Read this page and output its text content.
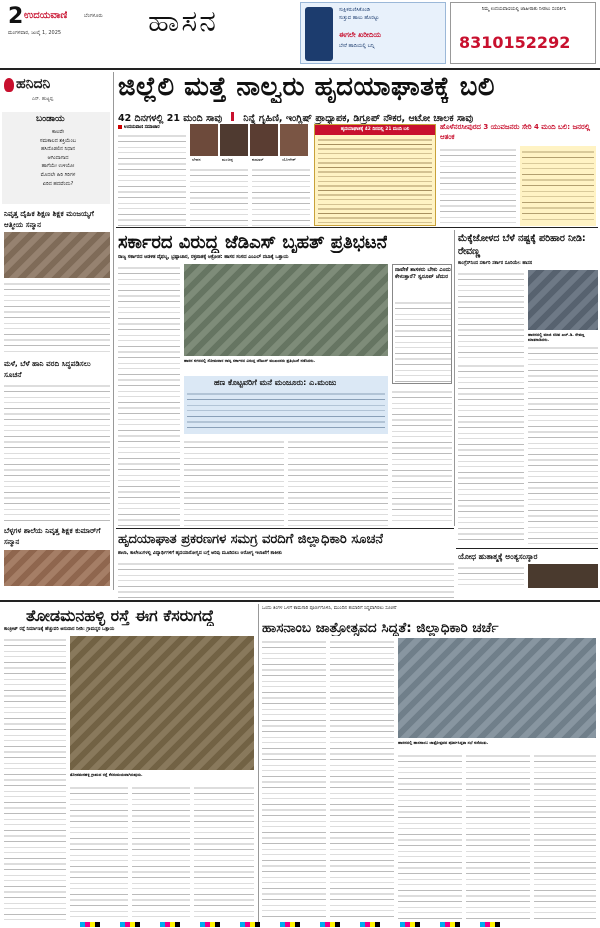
2 ಉದಯವಾಣಿ	ಬೆಂಗಳೂರು
ಮಂಗಳವಾರ, ಜುಲೈ 1, 2025	ಹಾಸನ	ಸುಕ್ಷಿಕರುಣಿಸಿಕೊಂಡಿ
ಸುತ್ತುವ ಹಾಲು ಹೊರಟ್ಟು
ಈಗಲೇ ಖರೀದಿಯ
ಬೇರೆ ಹಾದಿಯಲ್ಲಿ ಬನ್ನಿ
ನಿಮ್ಮ ಉದಯವಾಣಿಯಲ್ಲಿ ಜಾಹೀರಾತು ನೀಡಲು ಸಂಪರ್ಕಿಸಿ
8310152292
ಹನಿದನಿ
ಎನ್. ಹುಟ್ಟಪ್ಪ
ಬಂಡಾಯ
ಕಾಲವೇ
ಸಮಕಾಲದ ಶಕ್ತಿಯೆಂಬ
ಹಸಿದೊಡಲಿನ ನಿಧಾನ
ಆಗಿಂದಾಗಾದ
ಹಾಗೆಯೇ ಉಳಿಯೋ
ಮೊದಲೇ ಹಿರಿ ಗಿರಿಗಳ
ಏರಿದ ಹದವೆಂದು?
ನಿವೃತ್ತ ದೈಹಿಕ ಶಿಕ್ಷಣ ಶಿಕ್ಷಕ ಮಂಜಯ್ಯಗೆ ಆತ್ಮೀಯ ಸನ್ಮಾನ
ಮಳೆ, ಬೆಳೆ ಹಾನಿ ವರದಿ ಸಿದ್ಧಪಡಿಸಲು ಸೂಚನೆ
ಬೆಳ್ಳಗಳ ಶಾಲೆಯ ನಿವೃತ್ತ ಶಿಕ್ಷಕ ಕುಮಾರ್‌ಗೆ ಸನ್ಮಾನ
ಜಿಲ್ಲೆಲಿ ಮತ್ತೆ ನಾಲ್ವರು ಹೃದಯಾಘಾತಕ್ಕೆ ಬಲಿ
42 ದಿನಗಳಲ್ಲಿ 21 ಮಂದಿ ಸಾವು ನಿನ್ನೆ ಗೃಹಿಣಿ, ಇಂಗ್ಲಿಷ್ ಪ್ರಾಧ್ಯಾಪಕ, ಡಿಗ್ರೂಪ್ ನೌಕರ, ಆಟೋ ಚಾಲಕ ಸಾವು
ಉದಯವಾಣಿ ಸಮಾಚಾರ
ಲೇಪನ	ಮಂಜಪ್ಪ	ಕುಮಾರ್	ಯೋಗೇಶ್
ಹೃದಯಾಘಾತಕ್ಕೆ 42 ದಿನದಲ್ಲಿ 21 ಮಂದಿ ಬಲಿ	ಹೊಳೆನರಸೀಪುರದ 3 ಯುವಜನರು ಸೇರಿ 4 ಮಂದಿ ಬಲಿ: ಜನರಲ್ಲಿ ಆತಂಕ
ಸರ್ಕಾರದ ವಿರುದ್ಧ ಜೆಡಿಎಸ್ ಬೃಹತ್ ಪ್ರತಿಭಟನೆ
ರಾಜ್ಯ ಸರ್ಕಾರದ ಆಡಳಿತ ವೈಫಲ್ಯ, ಭ್ರಷ್ಟಾಚಾರ, ರಕ್ತಪಾತಕ್ಕೆ ಆಕ್ರೋಶ: ಹಾಸನ ಸಂಸದ ಎಂಎಲ್ ದಬಾಕ್ಕೆ ಒತ್ತಾಯ
ಹಾಸನ ನಗರದಲ್ಲಿ ಸೋಮವಾರ ರಾಜ್ಯ ಸರ್ಕಾರದ ವಿರುದ್ಧ ಜೆಡಿಎಸ್ ಮುಖಂಡರು ಪ್ರತಿಭಟನೆ ನಡೆಸಿದರು.
ನಾವೇಕೆ ಶಾಸಕರು ಬೇಕು ಎಂದು ಕೇಳುತ್ತಾರೆ? ಸ್ವರೂಪ್ ಜೆದುರ
ಹಣ ಕೊಟ್ಟವರಿಗೆ ಮನೆ ಮಂಜೂರು: ಎ.ಮಂಜು
ಮೆಕ್ಕೆಜೋಳದ ಬೆಳೆ ನಷ್ಟಕ್ಕೆ ಪರಿಹಾರ ನೀಡಿ: ರೇವಣ್ಣ
ಕಾಂಗ್ರೆಸ್‌ನಿಂದ ಸರ್ಕಾರಿ ಸರ್ಕಾರ ಸೂರಿಯೇ: ಹಾಸನ
ಹಾಸನದಲ್ಲಿ ಮಾಜಿ ಸಚಿವ ಎಚ್.ಡಿ. ರೇವಣ್ಣ ಮಾತನಾಡಿದರು.
ಯೋಧ ಹುತಾತ್ಮಕ್ಕೆ ಅಂತ್ಯಸಂಸ್ಕಾರ
ಹೃದಯಾಘಾತ ಪ್ರಕರಣಗಳ ಸಮಗ್ರ ವರದಿಗೆ ಜಿಲ್ಲಾಧಿಕಾರಿ ಸೂಚನೆ
ಶಾಲಾ, ಕಾಲೇಜುಗಳಲ್ಲಿ ವಿದ್ಯಾರ್ಥಿಗಳಿಗೆ ಹೃದಯಾರೋಗ್ಯದ ಬಗ್ಗೆ ಅರಿವು ಮೂಡಿಸಲು ಆರೋಗ್ಯ ಇಲಾಖೆಗೆ ತಾಕೀತು
ತೋಡಮನಹಳ್ಳಿ ರಸ್ತೆ ಈಗ ಕೆಸರುಗದ್ದೆ
ಕಾಂಕ್ರೀಟ್ ರಸ್ತೆ ನಿರ್ಮಾಣಕ್ಕೆ ಹೆಚ್ಚುವರಿ ಅನುದಾನ ನೀಡಿ: ಗ್ರಾಮಸ್ಥರ ಒತ್ತಾಯ
ತೋಡಮನಹಳ್ಳಿ ಗ್ರಾಮದ ರಸ್ತೆ ಕೆಸರುಮಯವಾಗಿರುವುದು.
ಒಂದು ತಿಂಗಳ ಒಳಗೆ ಕಾಮಗಾರಿ ಪೂರ್ಣಗೊಳಿಸಿ, ಮುಂದಿನ ತಯಾರಿಗೆ ಸಿದ್ಧವಾಗಿರಲು ಸೂಚನೆ
ಹಾಸನಾಂಬ ಜಾತ್ರೋತ್ಸವದ ಸಿದ್ಧತೆ: ಜಿಲ್ಲಾಧಿಕಾರಿ ಚರ್ಚೆ
ಹಾಸನದಲ್ಲಿ ಹಾಸನಾಂಬ ಜಾತ್ರೋತ್ಸವದ ಪೂರ್ವಸಿದ್ಧತಾ ಸಭೆ ನಡೆಯಿತು.
